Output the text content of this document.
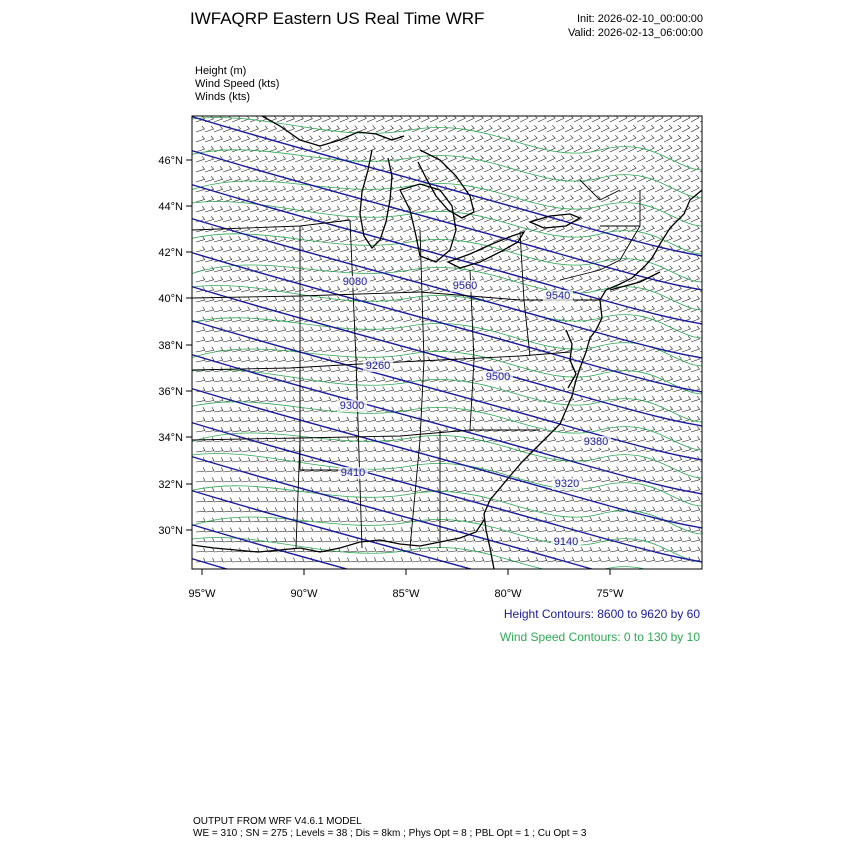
IWFAQRP Eastern US Real Time WRF	Init: 2026-02-10_00:00:00
Valid: 2026-02-13_06:00:00
Height (m)
Wind Speed (kts)
Winds (kts)
95°W	90°W	85°W	80°W	75°W
46°N
44°N
42°N
40°N
38°N
36°N
34°N
32°N
30°N
9080	9560
9540
9260
9500
9300
9380
9320
9410
9140
Height Contours: 8600 to 9620 by 60
Wind Speed Contours: 0 to 130 by 10
OUTPUT FROM WRF V4.6.1 MODEL
WE = 310 ; SN = 275 ; Levels = 38 ; Dis = 8km ; Phys Opt = 8 ; PBL Opt = 1 ; Cu Opt = 3
